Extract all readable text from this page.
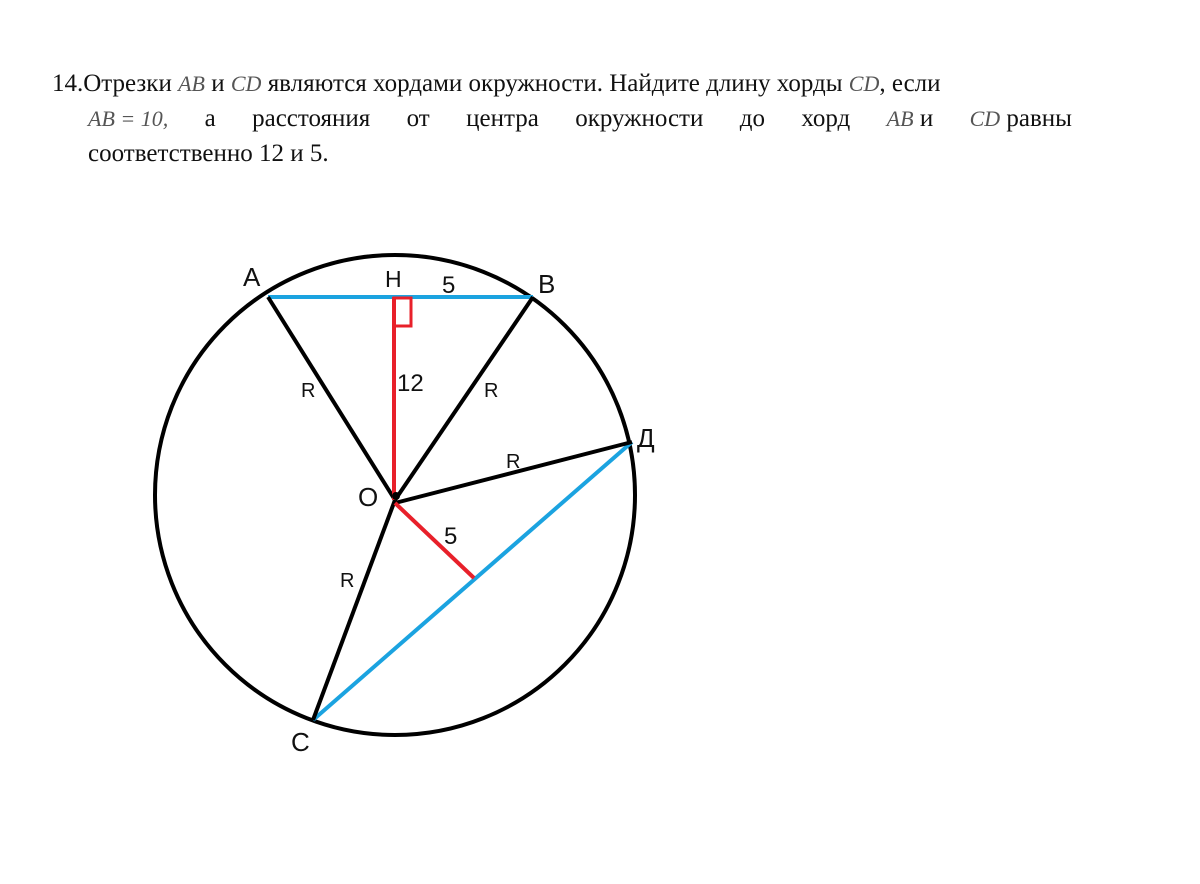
14.Отрезки AB и CD являются хордами окружности. Найдите длину хорды CD, если
AB = 10, а расстояния от центра окружности до хорд AB и CD равны
соответственно 12 и 5.
А	Н	В
Д
О
С
5
12
5
R	R
R
R
